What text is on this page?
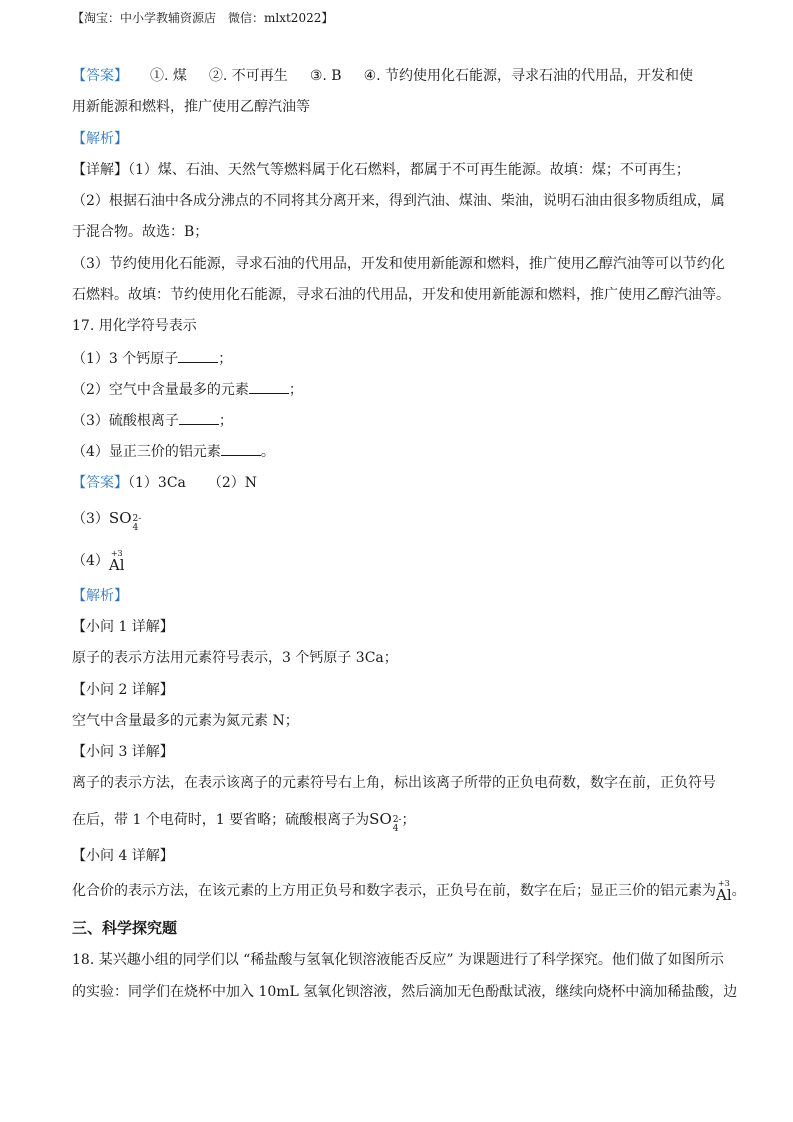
【淘宝：中小学教辅资源店　微信：mlxt2022】
【答案】 ①. 煤 ②. 不可再生 ③. B ④. 节约使用化石能源，寻求石油的代用品，开发和使
用新能源和燃料，推广使用乙醇汽油等
【解析】
【详解】（1）煤、石油、天然气等燃料属于化石燃料，都属于不可再生能源。故填：煤；不可再生；
（2）根据石油中各成分沸点的不同将其分离开来，得到汽油、煤油、柴油，说明石油由很多物质组成，属
于混合物。故选：B；
（3）节约使用化石能源，寻求石油的代用品，开发和使用新能源和燃料，推广使用乙醇汽油等可以节约化
石燃料。故填：节约使用化石能源，寻求石油的代用品，开发和使用新能源和燃料，推广使用乙醇汽油等。
17. 用化学符号表示
（1）3 个钙原子	；
（2）空气中含量最多的元素	；
（3）硫酸根离子	；
（4）显正三价的铝元素	。
【答案】（1）3Ca （2）N
（3） SO 2-
4
（4） +3
Al
【解析】
【小问 1 详解】
原子的表示方法用元素符号表示，3 个钙原子 3Ca；
【小问 2 详解】
空气中含量最多的元素为氮元素 N；
【小问 3 详解】
离子的表示方法，在表示该离子的元素符号右上角，标出该离子所带的正负电荷数，数字在前，正负符号
在后，带 1 个电荷时，1 要省略；硫酸根离子为 SO 2-
4
；
【小问 4 详解】
化合价的表示方法，在该元素的上方用正负号和数字表示，正负号在前，数字在后；显正三价的铝元素为 +3
Al 。
三、科学探究题
18. 某兴趣小组的同学们以 “稀盐酸与氢氧化钡溶液能否反应” 为课题进行了科学探究。他们做了如图所示
的实验：同学们在烧杯中加入 10mL 氢氧化钡溶液，然后滴加无色酚酞试液，继续向烧杯中滴加稀盐酸，边
